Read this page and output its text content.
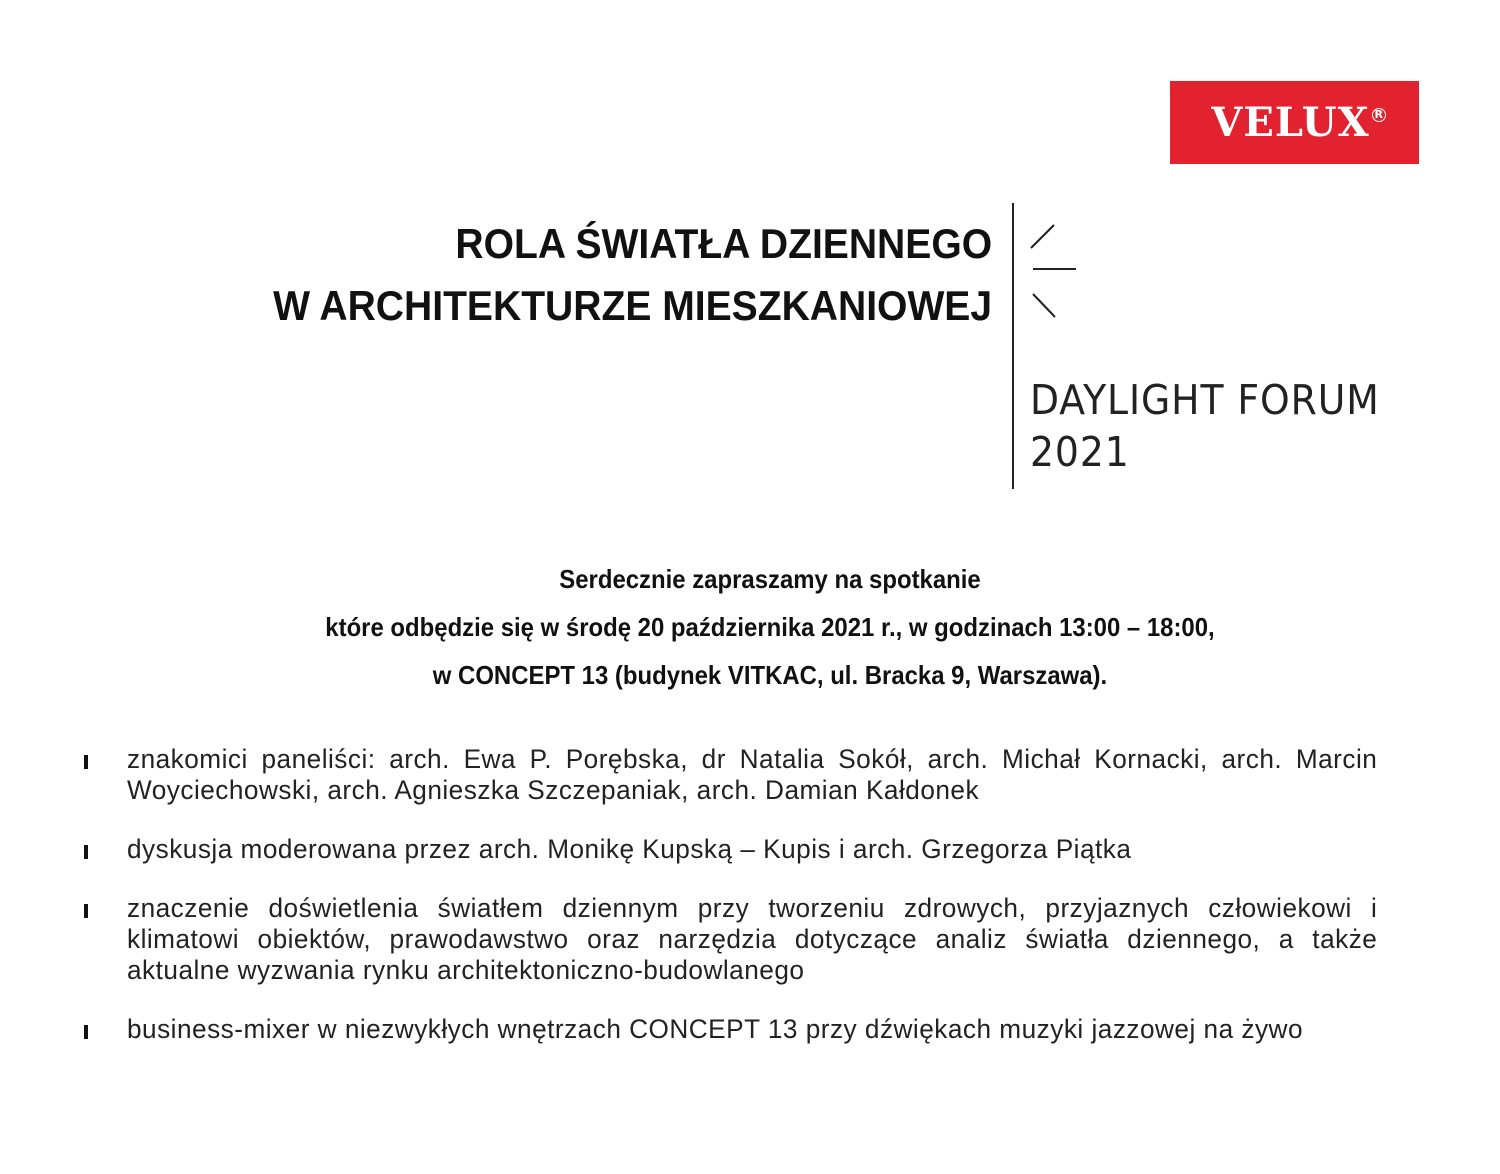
VELUX R
ROLA ŚWIATŁA DZIENNEGO
W ARCHITEKTURZE MIESZKANIOWEJ
DAYLIGHT FORUM
2021
Serdecznie zapraszamy na spotkanie
które odbędzie się w środę 20 października 2021 r., w godzinach 13:00 – 18:00,
w CONCEPT 13 (budynek VITKAC, ul. Bracka 9, Warszawa).
znakomici paneliści: arch. Ewa P. Porębska, dr Natalia Sokół, arch. Michał Kornacki, arch. Marcin Woyciechowski, arch. Agnieszka Szczepaniak, arch. Damian Kałdonek
dyskusja moderowana przez arch. Monikę Kupską – Kupis i arch. Grzegorza Piątka
znaczenie doświetlenia światłem dziennym przy tworzeniu zdrowych, przyjaznych człowiekowi i klimatowi obiektów, prawodawstwo oraz narzędzia dotyczące analiz światła dziennego, a także aktualne wyzwania rynku architektoniczno-budowlanego
business-mixer w niezwykłych wnętrzach CONCEPT 13 przy dźwiękach muzyki jazzowej na żywo
